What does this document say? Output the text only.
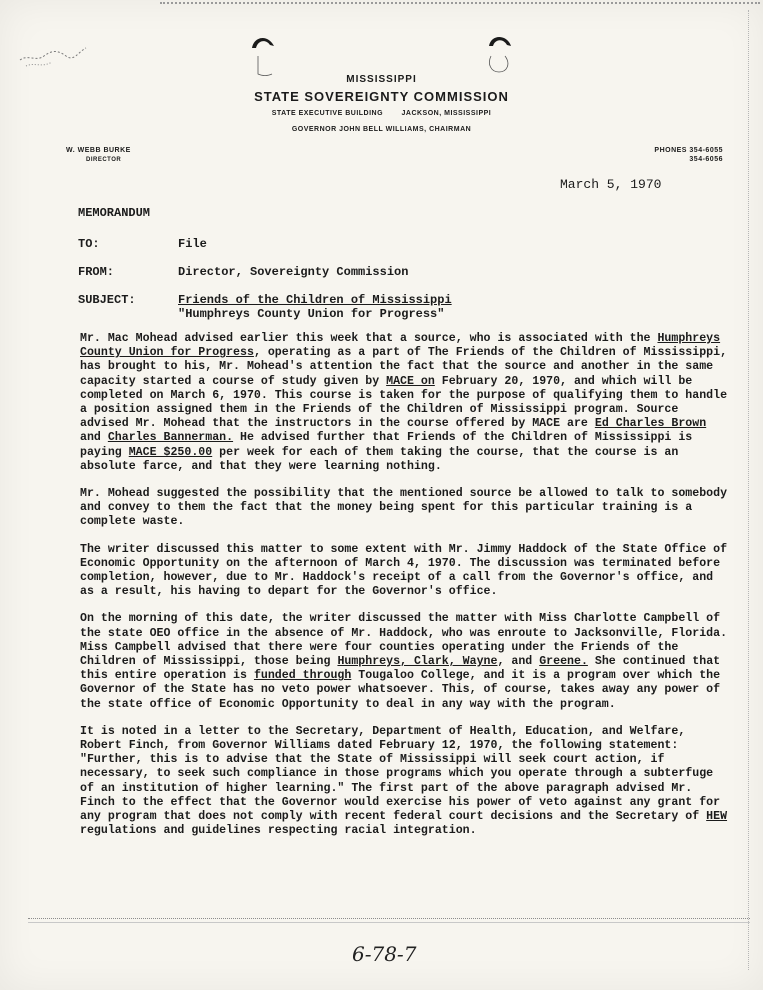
MISSISSIPPI
STATE SOVEREIGNTY COMMISSION
STATE EXECUTIVE BUILDING	JACKSON, MISSISSIPPI
GOVERNOR JOHN BELL WILLIAMS, CHAIRMAN
W. WEBB BURKE
DIRECTOR
PHONES 354-6055
354-6056
March 5, 1970
MEMORANDUM
TO:	File
FROM:	Director, Sovereignty Commission
SUBJECT:	Friends of the Children of Mississippi
"Humphreys County Union for Progress"

Mr. Mac Mohead advised earlier this week that a source, who is associated with the Humphreys County Union for Progress, operating as a part of The Friends of the Children of Mississippi, has brought to his, Mr. Mohead's attention the fact that the source and another in the same capacity started a course of study given by MACE on February 20, 1970, and which will be completed on March 6, 1970. This course is taken for the purpose of qualifying them to handle a position assigned them in the Friends of the Children of Mississippi program. Source advised Mr. Mohead that the instructors in the course offered by MACE are Ed Charles Brown and Charles Bannerman. He advised further that Friends of the Children of Mississippi is paying MACE $250.00 per week for each of them taking the course, that the course is an absolute farce, and that they were learning nothing.

Mr. Mohead suggested the possibility that the mentioned source be allowed to talk to somebody and convey to them the fact that the money being spent for this particular training is a complete waste.

The writer discussed this matter to some extent with Mr. Jimmy Haddock of the State Office of Economic Opportunity on the afternoon of March 4, 1970. The discussion was terminated before completion, however, due to Mr. Haddock's receipt of a call from the Governor's office, and as a result, his having to depart for the Governor's office.

On the morning of this date, the writer discussed the matter with Miss Charlotte Campbell of the state OEO office in the absence of Mr. Haddock, who was enroute to Jacksonville, Florida. Miss Campbell advised that there were four counties operating under the Friends of the Children of Mississippi, those being Humphreys, Clark, Wayne, and Greene. She continued that this entire operation is funded through Tougaloo College, and it is a program over which the Governor of the State has no veto power whatsoever. This, of course, takes away any power of the state office of Economic Opportunity to deal in any way with the program.

It is noted in a letter to the Secretary, Department of Health, Education, and Welfare, Robert Finch, from Governor Williams dated February 12, 1970, the following statement: "Further, this is to advise that the State of Mississippi will seek court action, if necessary, to seek such compliance in those programs which you operate through a subterfuge of an institution of higher learning." The first part of the above paragraph advised Mr. Finch to the effect that the Governor would exercise his power of veto against any grant for any program that does not comply with recent federal court decisions and the Secretary of HEW regulations and guidelines respecting racial integration.

6-78-7
